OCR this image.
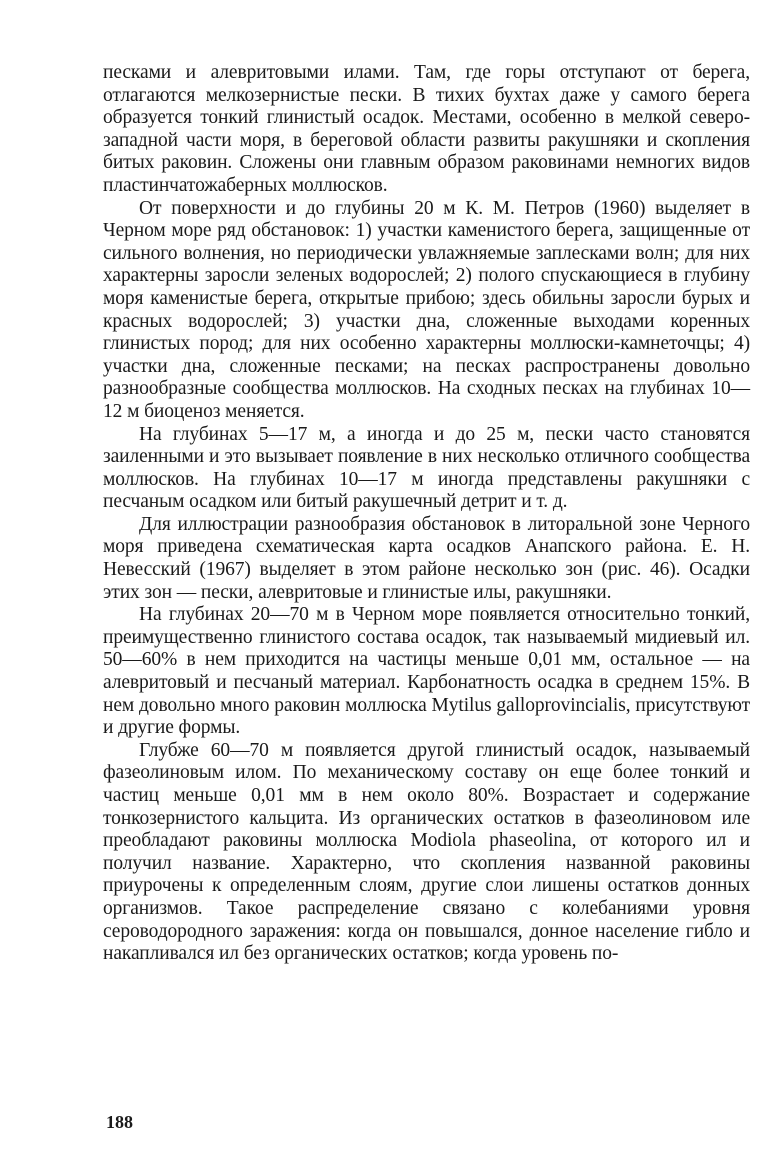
песками и алевритовыми илами. Там, где горы отступают от берега, отлагаются мелкозернистые пески. В тихих бухтах даже у самого берега образуется тонкий глинистый осадок. Местами, особенно в мелкой северо-западной части моря, в береговой области развиты ракушняки и скопления битых раковин. Сложены они главным образом раковинами немногих видов пластинчатожаберных моллюсков.

От поверхности и до глубины 20 м К. М. Петров (1960) выделяет в Черном море ряд обстановок: 1) участки каменистого берега, защищенные от сильного волнения, но периодически увлажняемые заплесками волн; для них характерны заросли зеленых водорослей; 2) полого спускающиеся в глубину моря каменистые берега, открытые прибою; здесь обильны заросли бурых и красных водорослей; 3) участки дна, сложенные выходами коренных глинистых пород; для них особенно характерны моллюски-камнеточцы; 4) участки дна, сложенные песками; на песках распространены довольно разнообразные сообщества моллюсков. На сходных песках на глубинах 10—12 м биоценоз меняется.

На глубинах 5—17 м, а иногда и до 25 м, пески часто становятся заиленными и это вызывает появление в них несколько отличного сообщества моллюсков. На глубинах 10—17 м иногда представлены ракушняки с песчаным осадком или битый ракушечный детрит и т. д.

Для иллюстрации разнообразия обстановок в литоральной зоне Черного моря приведена схематическая карта осадков Анапского района. Е. Н. Невесский (1967) выделяет в этом районе несколько зон (рис. 46). Осадки этих зон — пески, алевритовые и глинистые илы, ракушняки.

На глубинах 20—70 м в Черном море появляется относительно тонкий, преимущественно глинистого состава осадок, так называемый мидиевый ил. 50—60% в нем приходится на частицы меньше 0,01 мм, остальное — на алевритовый и песчаный материал. Карбонатность осадка в среднем 15%. В нем довольно много раковин моллюска Mytilus galloprovincialis, присутствуют и другие формы.

Глубже 60—70 м появляется другой глинистый осадок, называемый фазеолиновым илом. По механическому составу он еще более тонкий и частиц меньше 0,01 мм в нем около 80%. Возрастает и содержание тонкозернистого кальцита. Из органических остатков в фазеолиновом иле преобладают раковины моллюска Modiola phaseolina, от которого ил и получил название. Характерно, что скопления названной раковины приурочены к определенным слоям, другие слои лишены остатков донных организмов. Такое распределение связано с колебаниями уровня сероводородного заражения: когда он повышался, донное население гибло и накапливался ил без органических остатков; когда уровень по-

188
